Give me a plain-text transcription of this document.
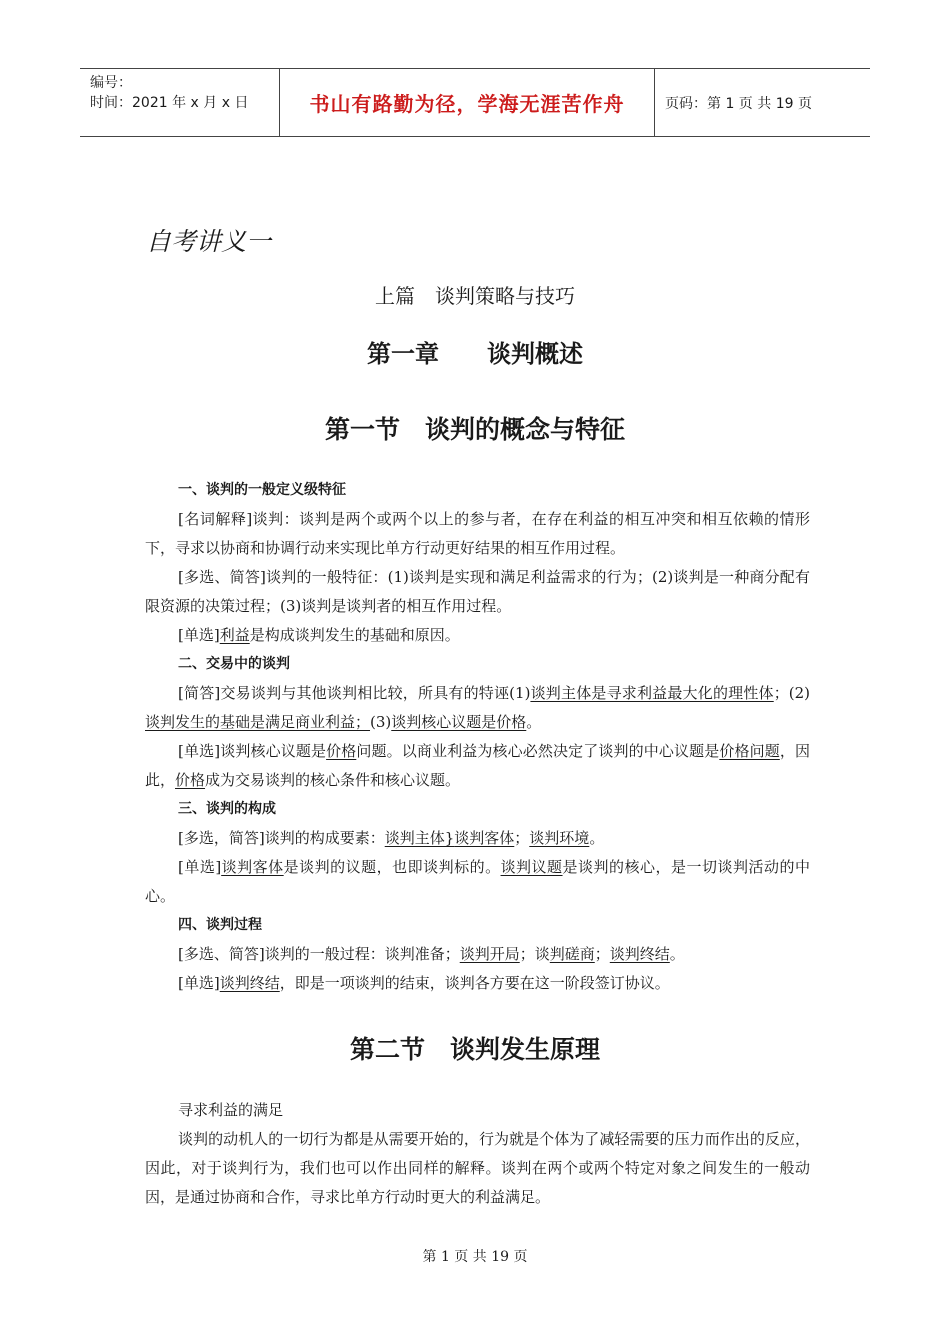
编号：
时间：2021 年 x 月 x 日	书山有路勤为径，学海无涯苦作舟	页码：第 1 页 共 19 页
自考讲义一
上篇　谈判策略与技巧
第一章　　谈判概述
第一节　谈判的概念与特征
一、谈判的一般定义级特征

[名词解释]谈判：谈判是两个或两个以上的参与者，在存在利益的相互冲突和相互依赖的情形下，寻求以协商和协调行动来实现比单方行动更好结果的相互作用过程。

[多选、简答]谈判的一般特征：(1)谈判是实现和满足利益需求的行为；(2)谈判是一种商分配有限资源的决策过程；(3)谈判是谈判者的相互作用过程。

[单选]利益是构成谈判发生的基础和原因。

二、交易中的谈判

[简答]交易谈判与其他谈判相比较，所具有的特诬(1)谈判主体是寻求利益最大化的理性体；(2)谈判发生的基础是满足商业利益；(3)谈判核心议题是价格。

[单选]谈判核心议题是价格问题。以商业利益为核心必然决定了谈判的中心议题是价格问题，因此，价格成为交易谈判的核心条件和核心议题。

三、谈判的构成

[多选，简答]谈判的构成要素：谈判主体}谈判客体；谈判环境。

[单选]谈判客体是谈判的议题，也即谈判标的。谈判议题是谈判的核心，是一切谈判活动的中心。

四、谈判过程

[多选、简答]谈判的一般过程：谈判准备；谈判开局；谈判磋商；谈判终结。

[单选]谈判终结，即是一项谈判的结束，谈判各方要在这一阶段签订协议。

第二节　谈判发生原理

寻求利益的满足

谈判的动机人的一切行为都是从需要开始的，行为就是个体为了减轻需要的压力而作出的反应，因此，对于谈判行为，我们也可以作出同样的解释。谈判在两个或两个特定对象之间发生的一般动因，是通过协商和合作，寻求比单方行动时更大的利益满足。

第 1 页 共 19 页
